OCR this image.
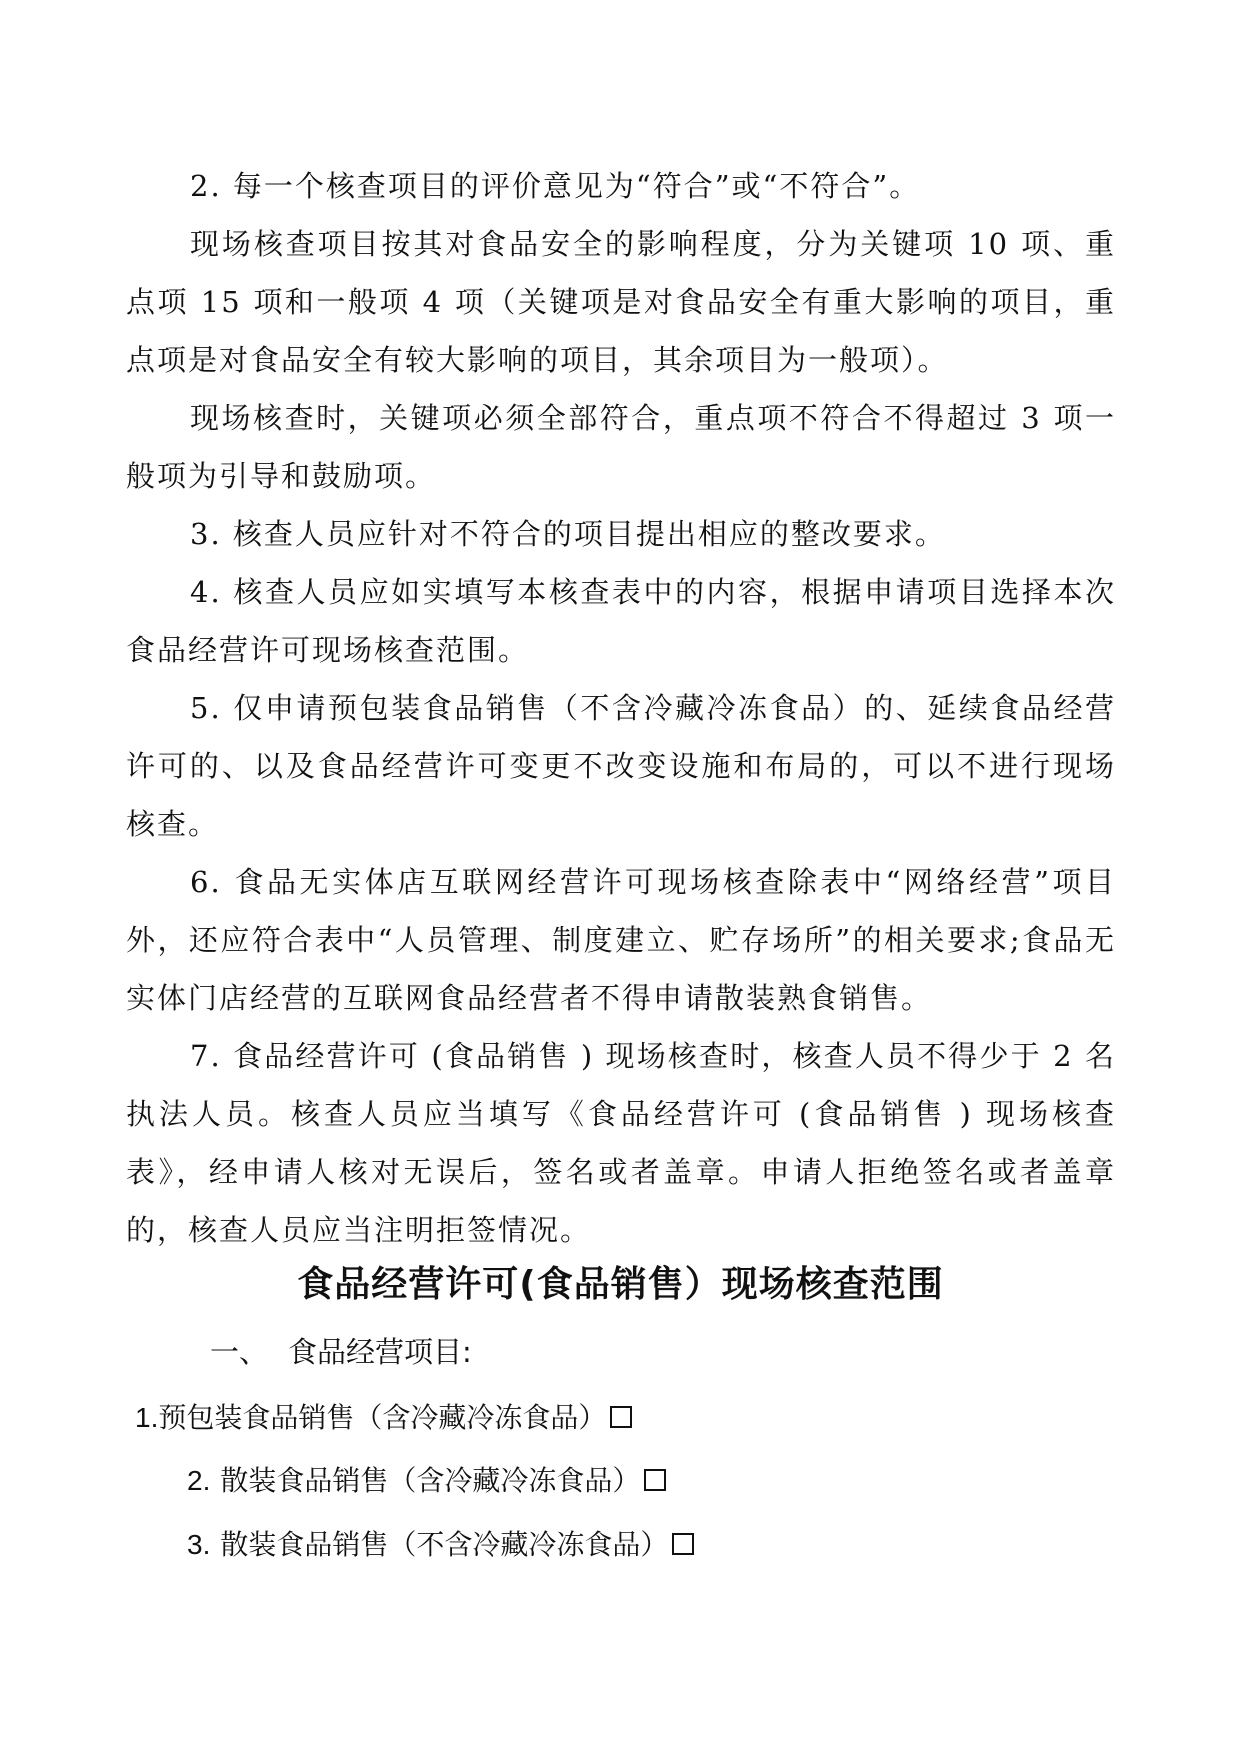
2. 每一个核查项目的评价意见为“符合”或“不符合”。

现场核查项目按其对食品安全的影响程度，分为关键项 10 项、重点项 15 项和一般项 4 项（关键项是对食品安全有重大影响的项目，重点项是对食品安全有较大影响的项目，其余项目为一般项）。

现场核查时，关键项必须全部符合，重点项不符合不得超过 3 项一般项为引导和鼓励项。

3. 核查人员应针对不符合的项目提出相应的整改要求。

4. 核查人员应如实填写本核查表中的内容，根据申请项目选择本次食品经营许可现场核查范围。

5. 仅申请预包装食品销售（不含冷藏冷冻食品）的、延续食品经营许可的、以及食品经营许可变更不改变设施和布局的，可以不进行现场核查。

6. 食品无实体店互联网经营许可现场核查除表中“网络经营”项目外，还应符合表中“人员管理、制度建立、贮存场所”的相关要求;食品无实体门店经营的互联网食品经营者不得申请散装熟食销售。

7. 食品经营许可 (食品销售 ) 现场核查时，核查人员不得少于 2 名执法人员。核查人员应当填写《食品经营许可 (食品销售 ) 现场核查表》，经申请人核对无误后，签名或者盖章。申请人拒绝签名或者盖章的，核查人员应当注明拒签情况。

食品经营许可(食品销售）现场核查范围

一、 食品经营项目:

1.预包装食品销售（含冷藏冷冻食品）

2. 散装食品销售（含冷藏冷冻食品）

3. 散装食品销售（不含冷藏冷冻食品）
